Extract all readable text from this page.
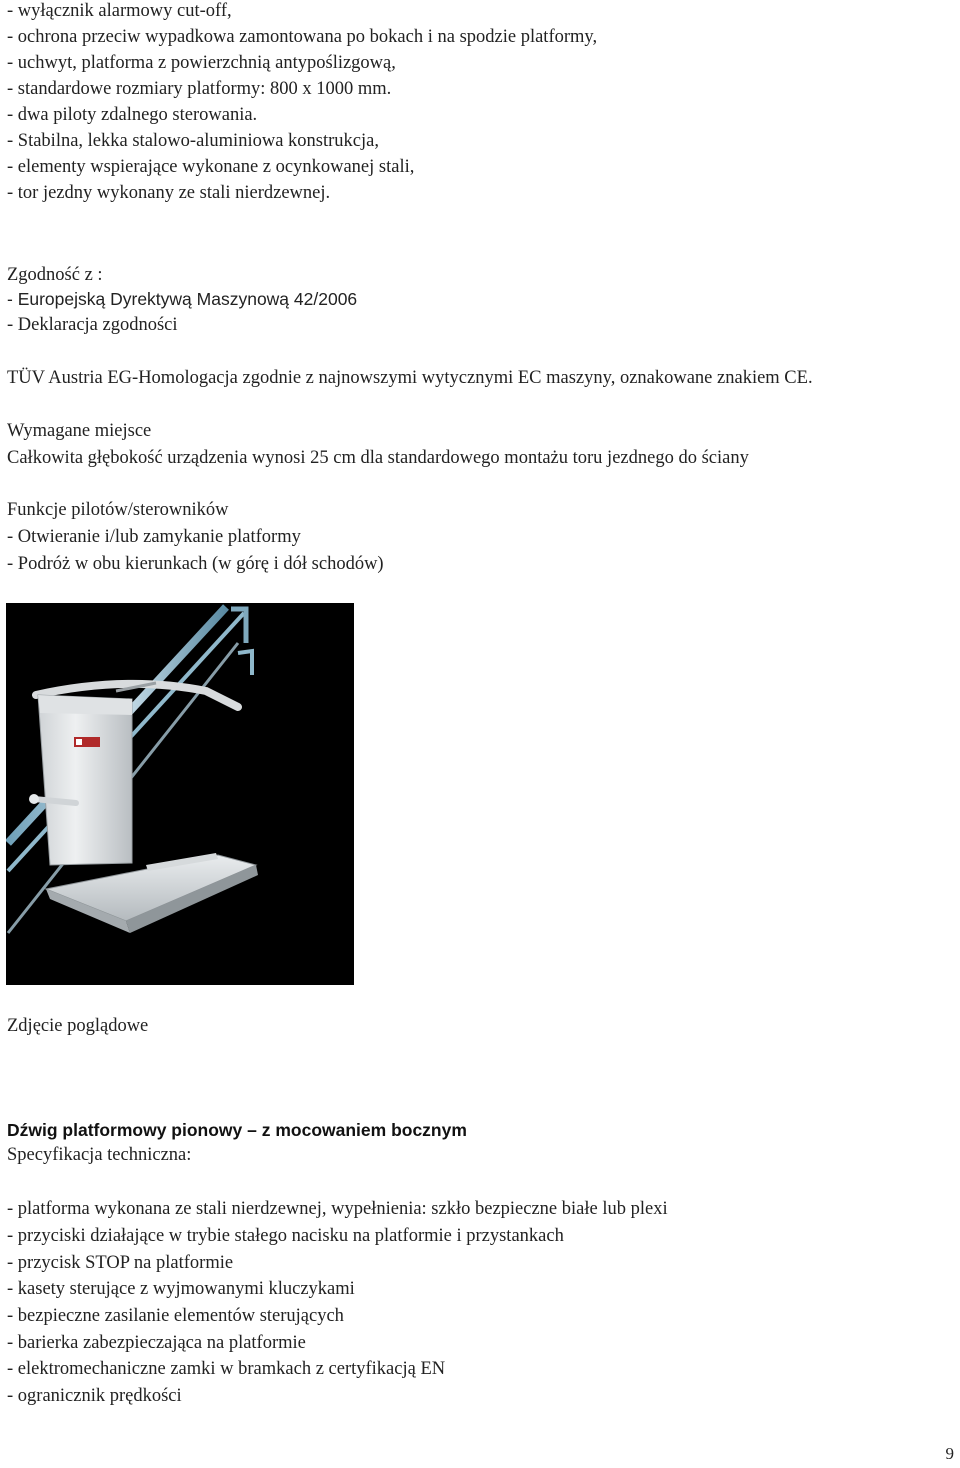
- wyłącznik alarmowy cut-off,
- ochrona przeciw wypadkowa zamontowana po bokach i na spodzie platformy,
- uchwyt, platforma z powierzchnią antypoślizgową,
- standardowe rozmiary platformy: 800 x 1000 mm.
- dwa piloty zdalnego sterowania.
- Stabilna, lekka stalowo-aluminiowa konstrukcja,
- elementy wspierające wykonane z ocynkowanej stali,
- tor jezdny wykonany ze stali nierdzewnej.
Zgodność z :
- Europejską Dyrektywą Maszynową 42/2006
- Deklaracja zgodności
TÜV Austria EG-Homologacja zgodnie z najnowszymi wytycznymi EC maszyny, oznakowane znakiem CE.
Wymagane miejsce
Całkowita głębokość urządzenia wynosi 25 cm dla standardowego montażu toru jezdnego do ściany
Funkcje pilotów/sterowników
- Otwieranie i/lub zamykanie platformy
- Podróż w obu kierunkach (w górę i dół schodów)
Zdjęcie poglądowe
Dźwig platformowy pionowy – z mocowaniem bocznym
Specyfikacja techniczna:
- platforma wykonana ze stali nierdzewnej, wypełnienia: szkło bezpieczne białe lub plexi
- przyciski działające w trybie stałego nacisku na platformie i przystankach
- przycisk STOP na platformie
- kasety sterujące z wyjmowanymi kluczykami
- bezpieczne zasilanie elementów sterujących
- barierka zabezpieczająca na platformie
- elektromechaniczne zamki w bramkach z certyfikacją EN
- ogranicznik prędkości
9
